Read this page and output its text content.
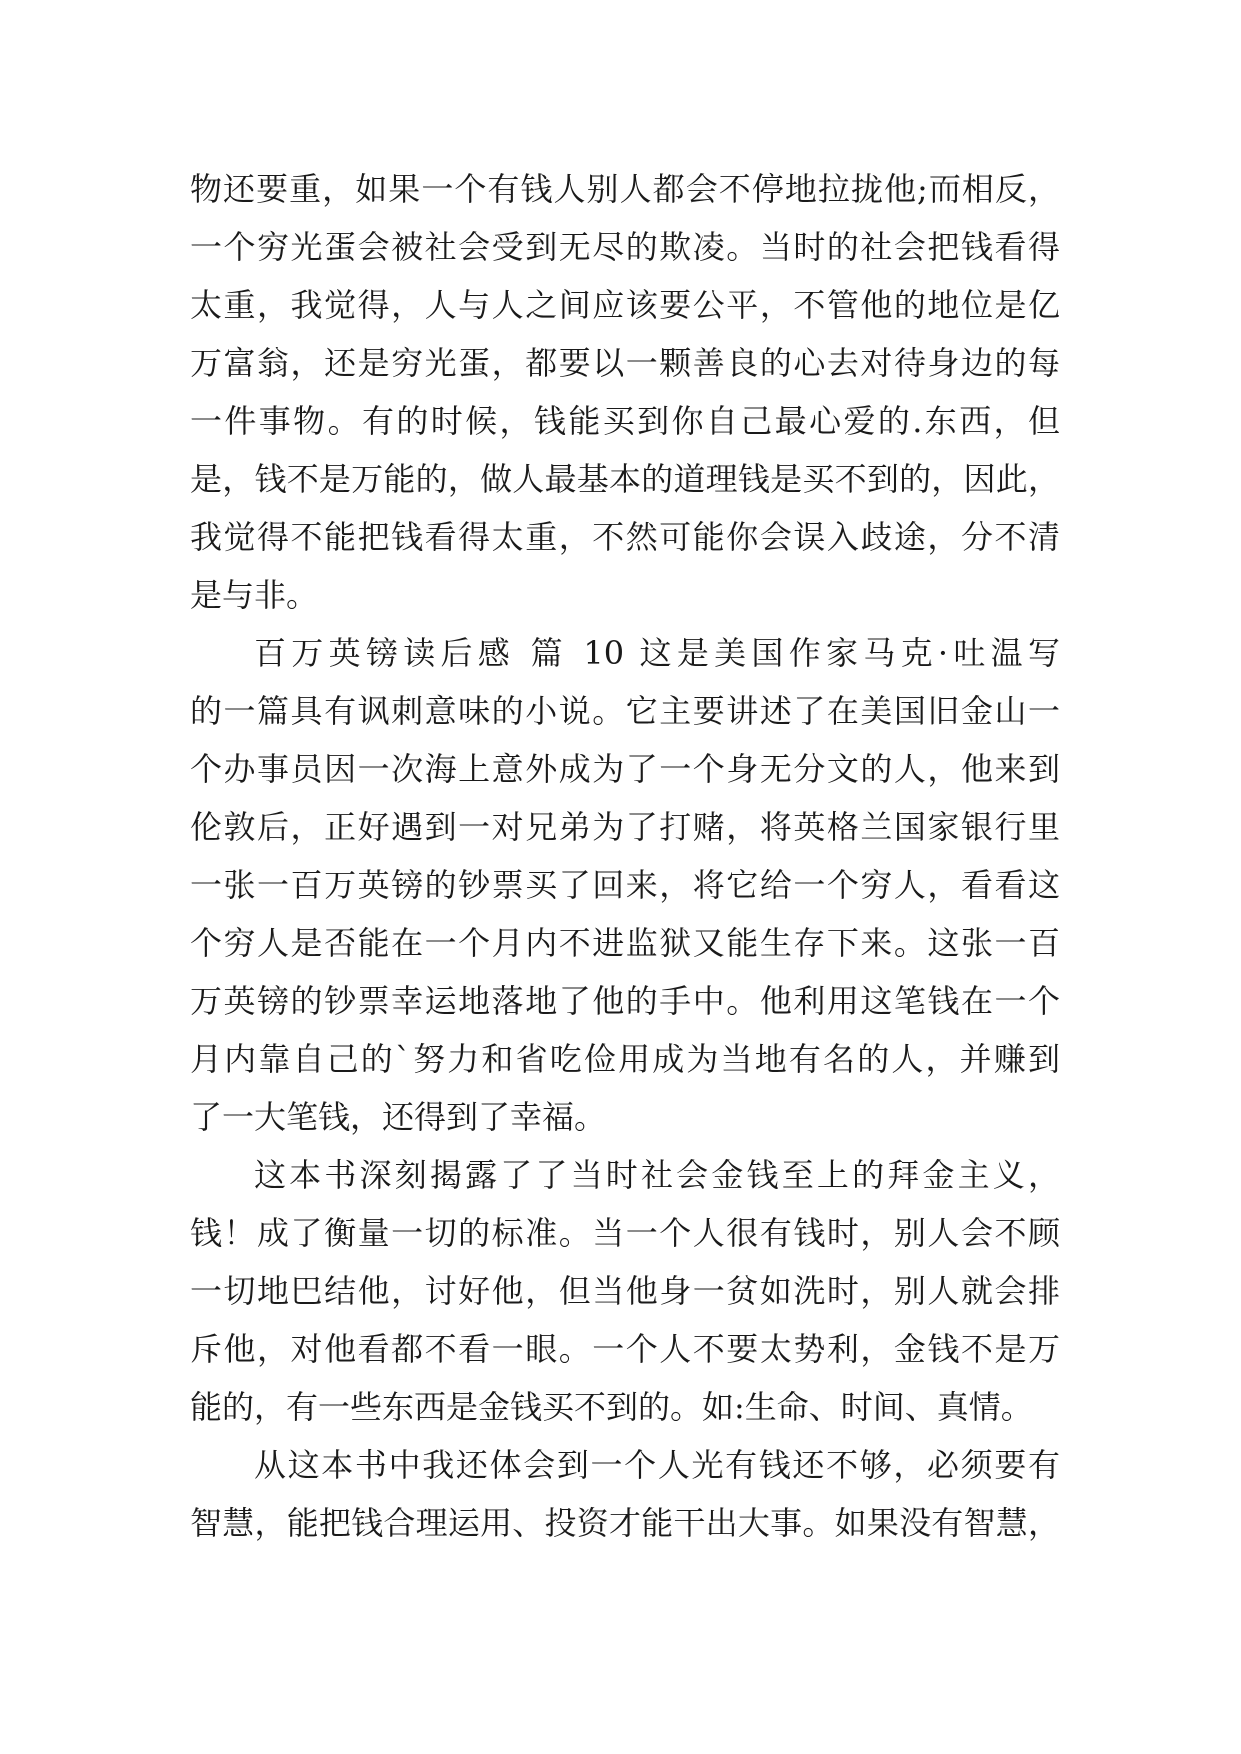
物还要重，如果一个有钱人别人都会不停地拉拢他;而相反，
一个穷光蛋会被社会受到无尽的欺凌。当时的社会把钱看得
太重，我觉得，人与人之间应该要公平，不管他的地位是亿
万富翁，还是穷光蛋，都要以一颗善良的心去对待身边的每
一件事物。有的时候，钱能买到你自己最心爱的.东西，但
是，钱不是万能的，做人最基本的道理钱是买不到的，因此，
我觉得不能把钱看得太重，不然可能你会误入歧途，分不清
是与非。
百万英镑读后感 篇 10 这是美国作家马克·吐温写
的一篇具有讽刺意味的小说。它主要讲述了在美国旧金山一
个办事员因一次海上意外成为了一个身无分文的人，他来到
伦敦后，正好遇到一对兄弟为了打赌，将英格兰国家银行里
一张一百万英镑的钞票买了回来，将它给一个穷人，看看这
个穷人是否能在一个月内不进监狱又能生存下来。这张一百
万英镑的钞票幸运地落地了他的手中。他利用这笔钱在一个
月内靠自己的`努力和省吃俭用成为当地有名的人，并赚到
了一大笔钱，还得到了幸福。
这本书深刻揭露了了当时社会金钱至上的拜金主义，
钱！成了衡量一切的标准。当一个人很有钱时，别人会不顾
一切地巴结他，讨好他，但当他身一贫如洗时，别人就会排
斥他，对他看都不看一眼。一个人不要太势利，金钱不是万
能的，有一些东西是金钱买不到的。如:生命、时间、真情。
从这本书中我还体会到一个人光有钱还不够，必须要有
智慧，能把钱合理运用、投资才能干出大事。如果没有智慧，
